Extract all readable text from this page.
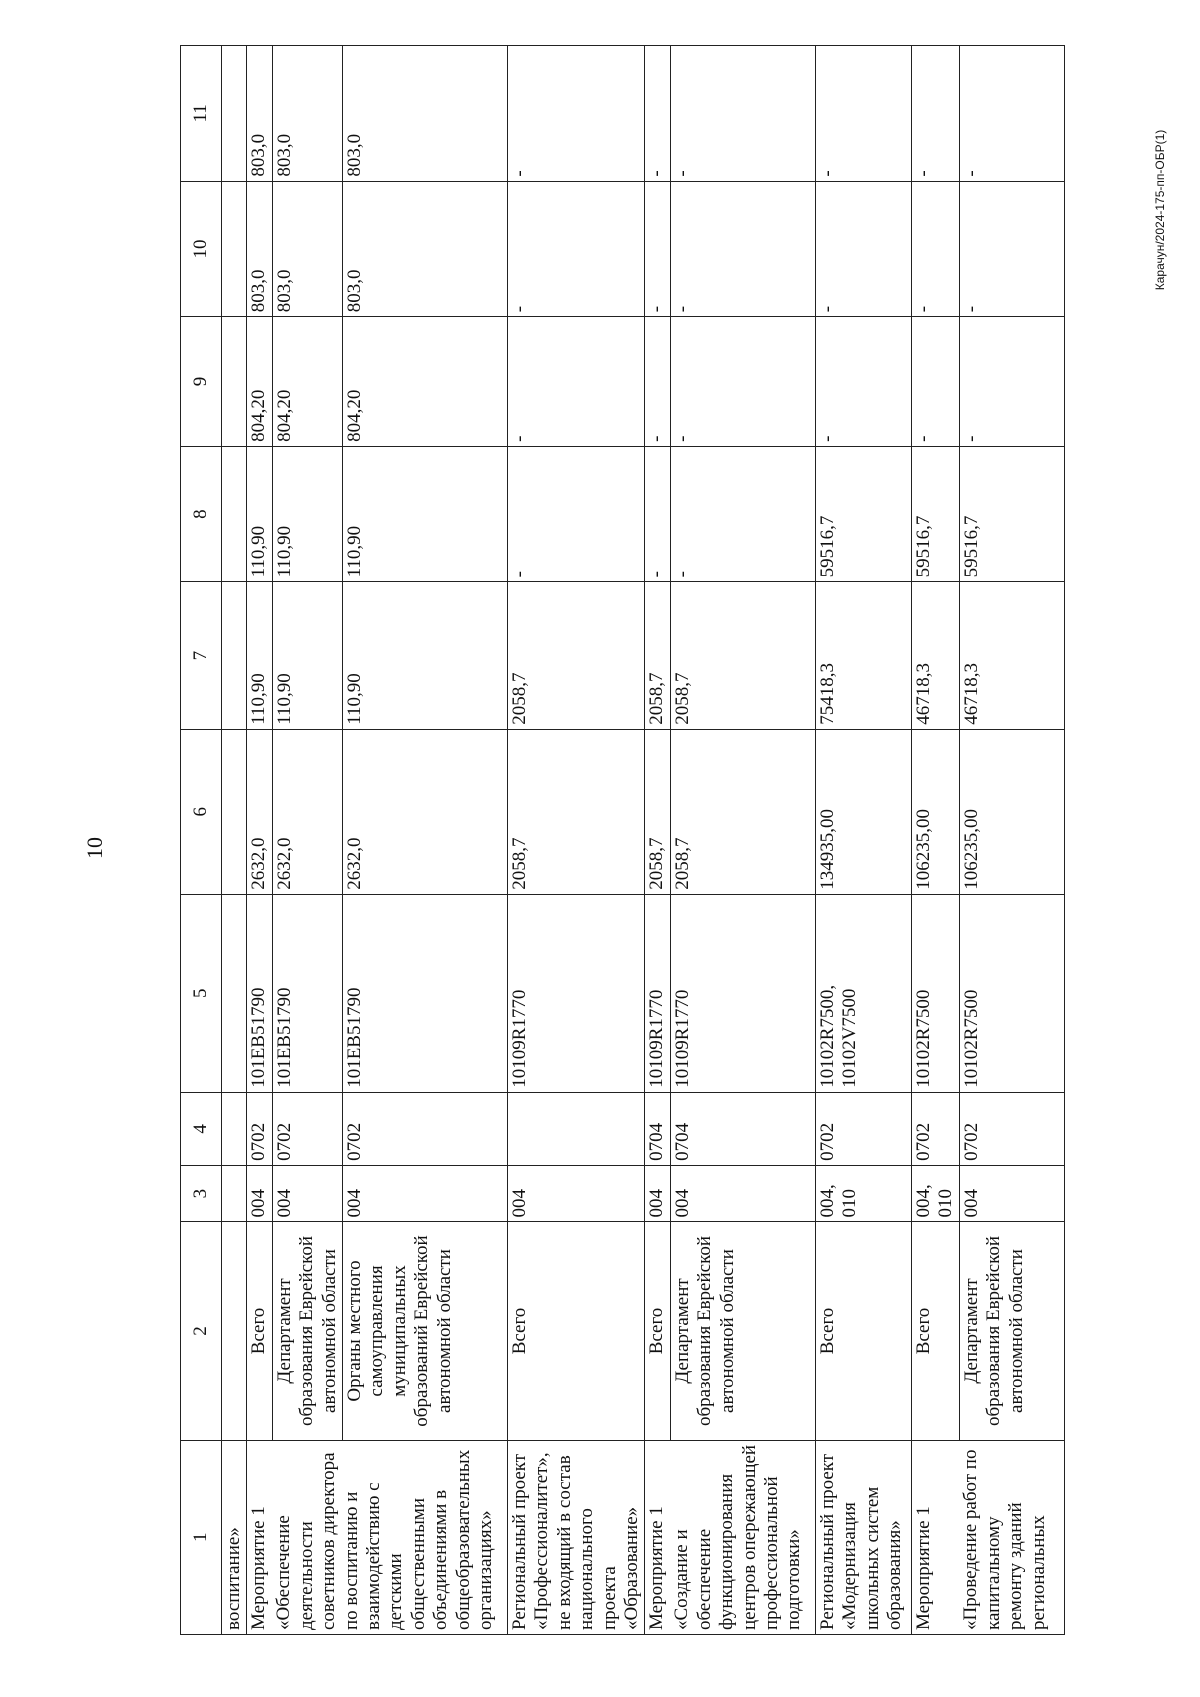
10
Карачун/2024-175-пп-ОБР(1)
1	2	3	4	5	6	7	8	9	10	11
воспитание»										
Мероприятие 1	Всего	004	0702	101EB51790	2632,0	110,90	110,90	804,20	803,0	803,0
«Обеспечение деятельности советников директора по воспитанию и взаимодействию с детскими общественными объединениями в общеобразовательных организациях»	Департамент образования Еврейской автономной области	004	0702	101EB51790	2632,0	110,90	110,90	804,20	803,0	803,0
	Органы местного самоуправления муниципальных образований Еврейской автономной области	004	0702	101EB51790	2632,0	110,90	110,90	804,20	803,0	803,0
Региональный проект «Профессионалитет», не входящий в состав национального проекта «Образование»	Всего	004		10109R1770	2058,7	2058,7	-	-	-	-
Мероприятие 1	Всего	004	0704	10109R1770	2058,7	2058,7	-	-	-	-
«Создание и обеспечение функционирования центров опережающей профессиональной подготовки»	Департамент образования Еврейской автономной области	004	0704	10109R1770	2058,7	2058,7	-	-	-	-
Региональный проект «Модернизация школьных систем образования»	Всего	004, 010	0702	10102R7500, 10102V7500	134935,00	75418,3	59516,7	-	-	-
Мероприятие 1	Всего	004, 010	0702	10102R7500	106235,00	46718,3	59516,7	-	-	-
«Проведение работ по капитальному ремонту зданий региональных	Департамент образования Еврейской автономной области	004	0702	10102R7500	106235,00	46718,3	59516,7	-	-	-
